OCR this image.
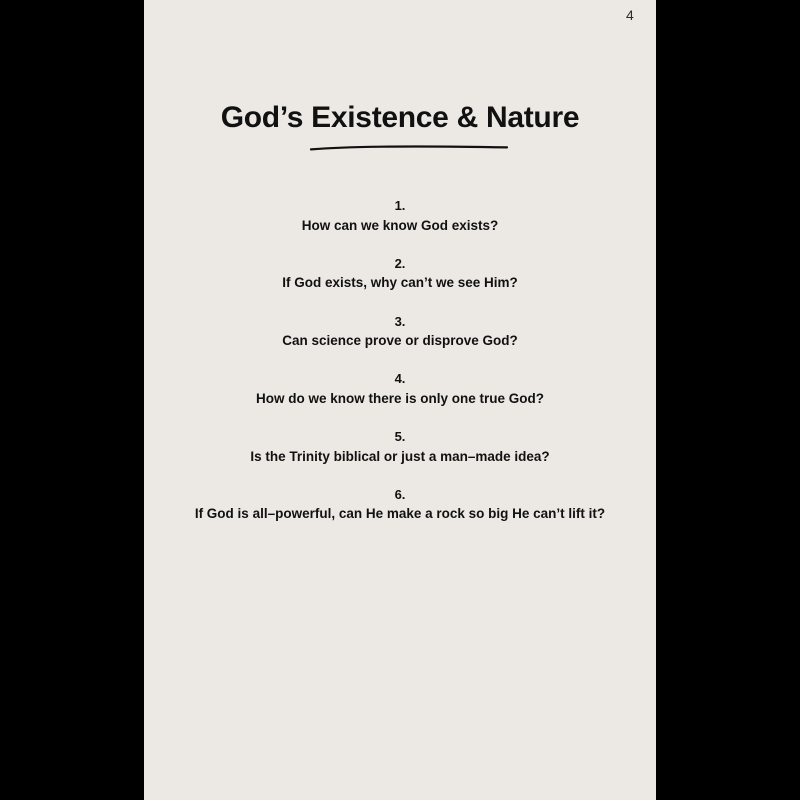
4
God’s Existence & Nature
1.
How can we know God exists?
2.
If God exists, why can’t we see Him?
3.
Can science prove or disprove God?
4.
How do we know there is only one true God?
5.
Is the Trinity biblical or just a man–made idea?
6.
If God is all–powerful, can He make a rock so big He can’t lift it?
